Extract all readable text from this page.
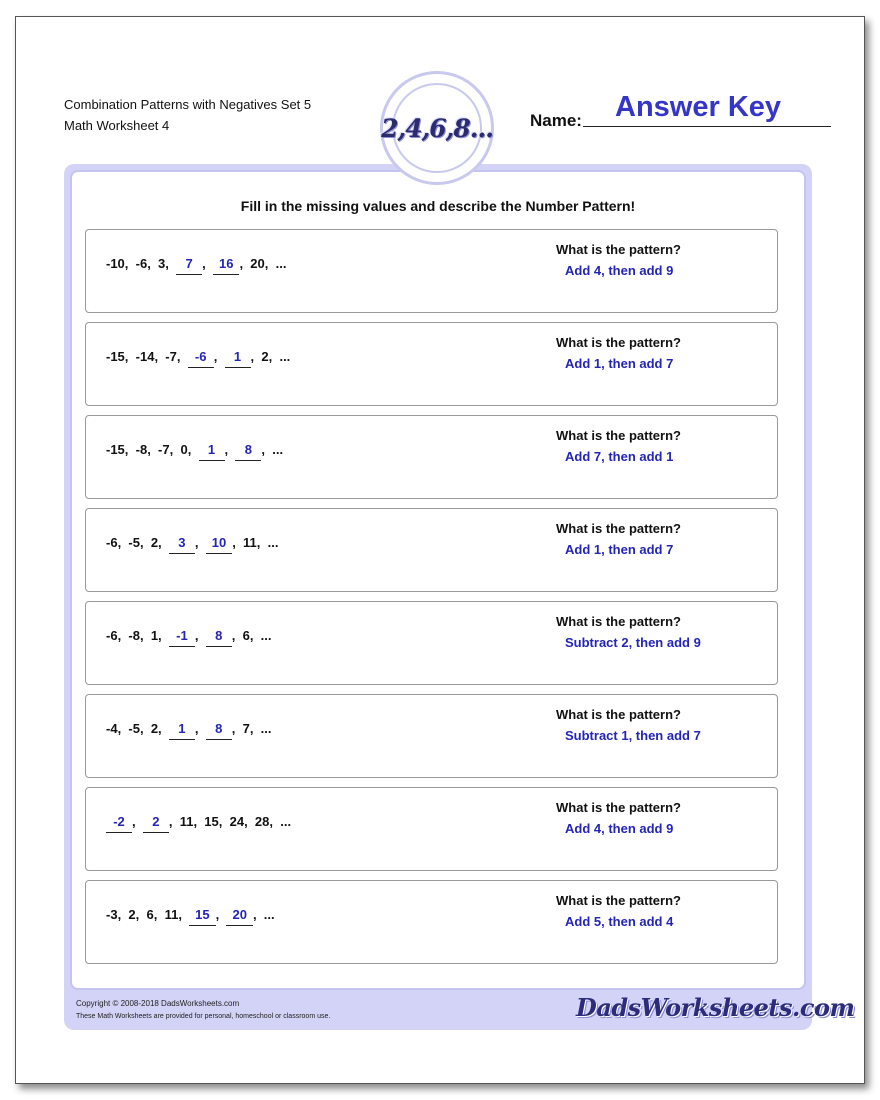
Combination Patterns with Negatives Set 5
Math Worksheet 4	2,4,6,8... Name: Answer Key
Fill in the missing values and describe the Number Pattern!
-10,  -6,  3,  7 ,  16 ,  20,  ...
What is the pattern?
Add 4, then add 9
-15,  -14,  -7,  -6 ,  1 ,  2,  ...
What is the pattern?
Add 1, then add 7
-15,  -8,  -7,  0,  1 ,  8 ,  ...
What is the pattern?
Add 7, then add 1
-6,  -5,  2,  3 ,  10 ,  11,  ...
What is the pattern?
Add 1, then add 7
-6,  -8,  1,  -1 ,  8 ,  6,  ...
What is the pattern?
Subtract 2, then add 9
-4,  -5,  2,  1 ,  8 ,  7,  ...
What is the pattern?
Subtract 1, then add 7
-2 ,  2 ,  11,  15,  24,  28,  ...
What is the pattern?
Add 4, then add 9
-3,  2,  6,  11,  15 ,  20 ,  ...
What is the pattern?
Add 5, then add 4
Copyright © 2008-2018 DadsWorksheets.com
These Math Worksheets are provided for personal, homeschool or classroom use.	DadsWorksheets.com
